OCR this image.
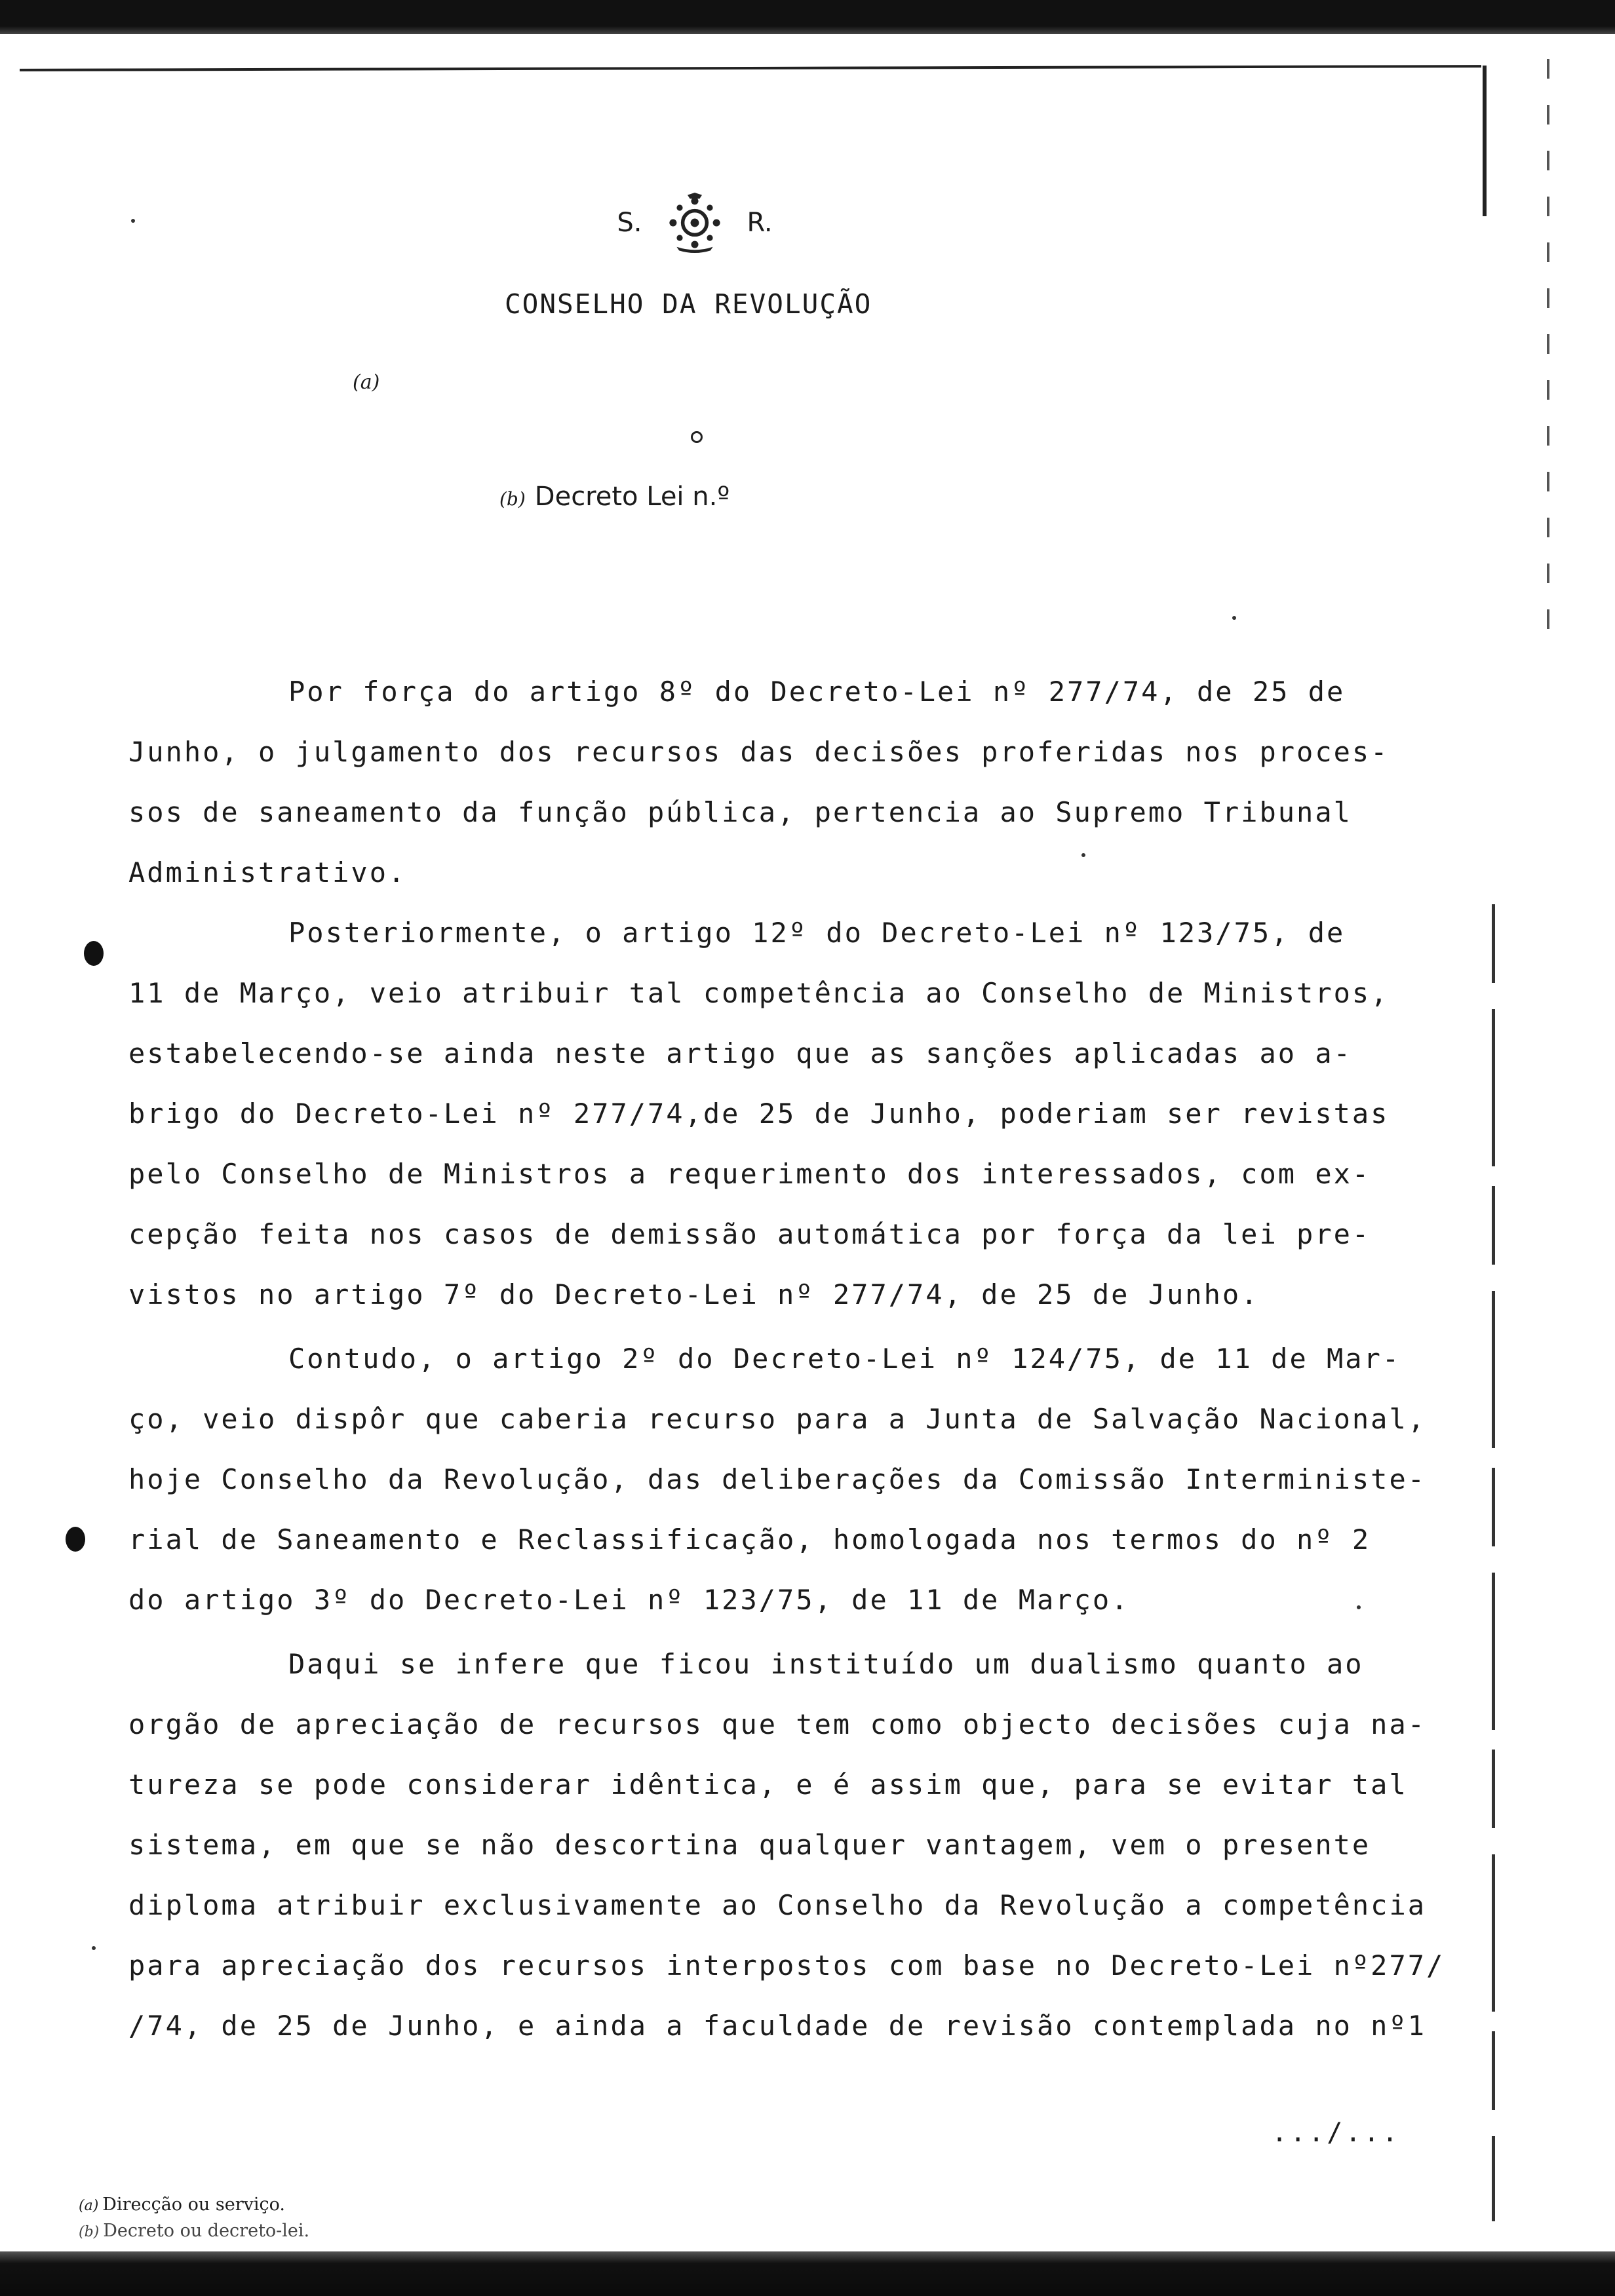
S.	R.
CONSELHO DA REVOLUÇÃO
(a)
(b) Decreto Lei n.º
Por força do artigo 8º do Decreto-Lei nº 277/74, de 25 de
Junho, o julgamento dos recursos das decisões proferidas nos proces-
sos de saneamento da função pública, pertencia ao Supremo Tribunal
Administrativo.
Posteriormente, o artigo 12º do Decreto-Lei nº 123/75, de
11 de Março, veio atribuir tal competência ao Conselho de Ministros,
estabelecendo-se ainda neste artigo que as sanções aplicadas ao a-
brigo do Decreto-Lei nº 277/74,de 25 de Junho, poderiam ser revistas
pelo Conselho de Ministros a requerimento dos interessados, com ex-
cepção feita nos casos de demissão automática por força da lei pre-
vistos no artigo 7º do Decreto-Lei nº 277/74, de 25 de Junho.
Contudo, o artigo 2º do Decreto-Lei nº 124/75, de 11 de Mar-
ço, veio dispôr que caberia recurso para a Junta de Salvação Nacional,
hoje Conselho da Revolução, das deliberações da Comissão Interministe-
rial de Saneamento e Reclassificação, homologada nos termos do nº 2
do artigo 3º do Decreto-Lei nº 123/75, de 11 de Março.
Daqui se infere que ficou instituído um dualismo quanto ao
orgão de apreciação de recursos que tem como objecto decisões cuja na-
tureza se pode considerar idêntica, e é assim que, para se evitar tal
sistema, em que se não descortina qualquer vantagem, vem o presente
diploma atribuir exclusivamente ao Conselho da Revolução a competência
para apreciação dos recursos interpostos com base no Decreto-Lei nº277/
/74, de 25 de Junho, e ainda a faculdade de revisão contemplada no nº1
.../...
(a) Direcção ou serviço.
(b) Decreto ou decreto-lei.
